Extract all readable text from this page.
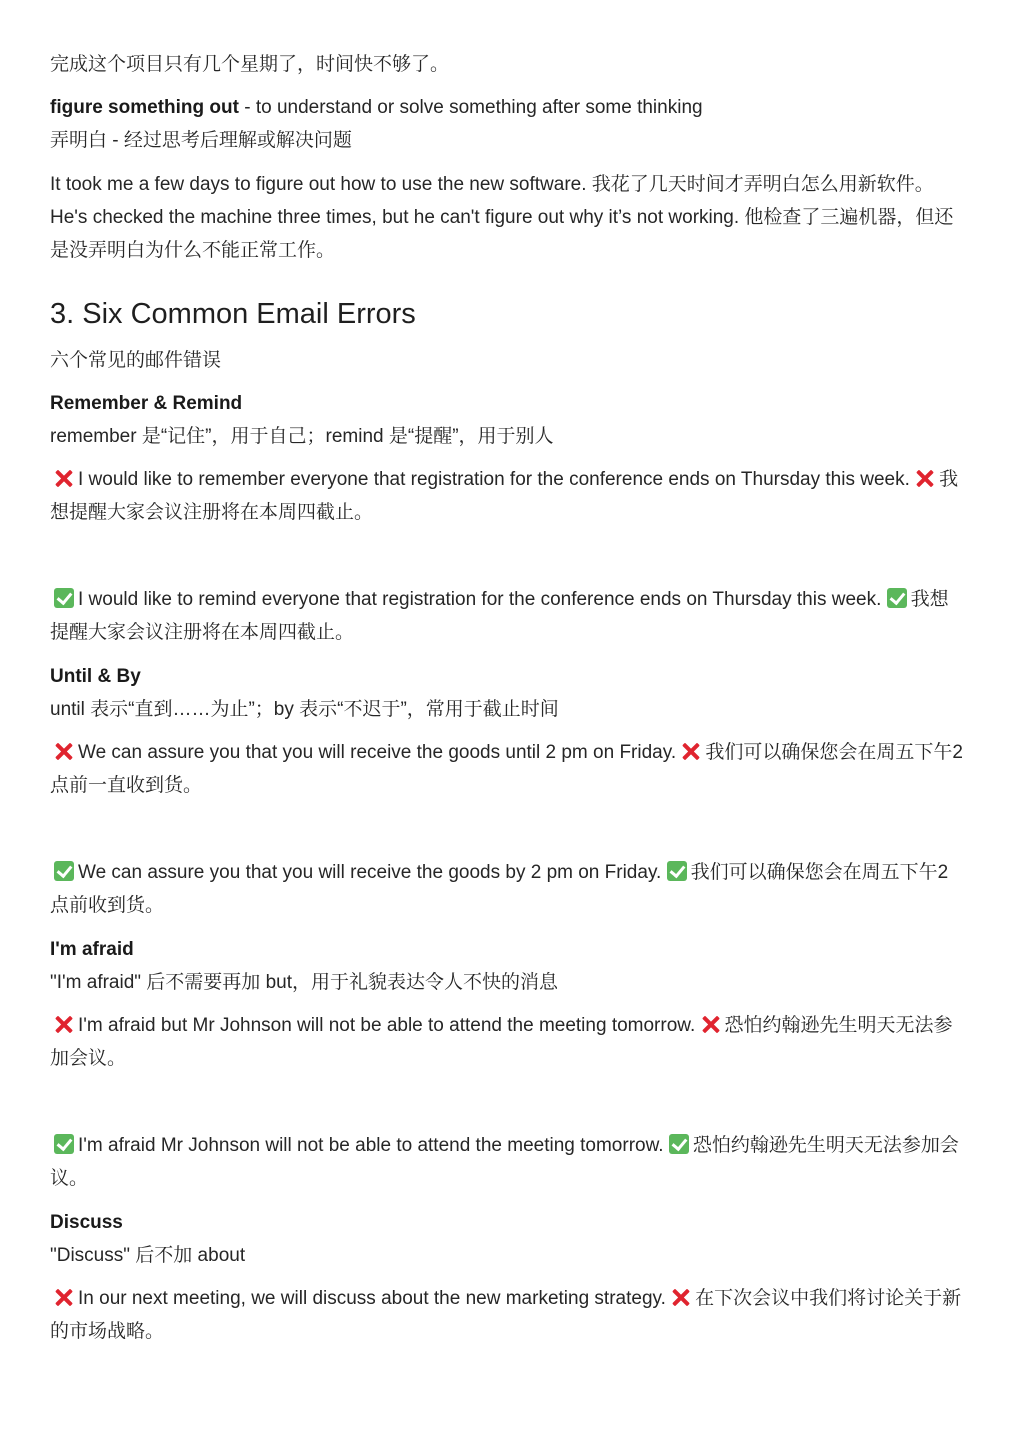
完成这个项目只有几个星期了，时间快不够了。
figure something out - to understand or solve something after some thinking
弄明白 - 经过思考后理解或解决问题
It took me a few days to figure out how to use the new software. 我花了几天时间才弄明白怎么用新软件。 He's checked the machine three times, but he can't figure out why it’s not working. 他检查了三遍机器，但还是没弄明白为什么不能正常工作。
3. Six Common Email Errors
六个常见的邮件错误
Remember & Remind
remember 是“记住”，用于自己；remind 是“提醒”，用于别人
I would like to remember everyone that registration for the conference ends on Thursday this week. 我想提醒大家会议注册将在本周四截止。
I would like to remind everyone that registration for the conference ends on Thursday this week. 我想提醒大家会议注册将在本周四截止。
Until & By
until 表示“直到……为止”；by 表示“不迟于”，常用于截止时间
We can assure you that you will receive the goods until 2 pm on Friday. 我们可以确保您会在周五下午2点前一直收到货。
We can assure you that you will receive the goods by 2 pm on Friday. 我们可以确保您会在周五下午2点前收到货。
I'm afraid
"I'm afraid" 后不需要再加 but，用于礼貌表达令人不快的消息
I'm afraid but Mr Johnson will not be able to attend the meeting tomorrow. 恐怕约翰逊先生明天无法参加会议。
I'm afraid Mr Johnson will not be able to attend the meeting tomorrow. 恐怕约翰逊先生明天无法参加会议。
Discuss
"Discuss" 后不加 about
In our next meeting, we will discuss about the new marketing strategy. 在下次会议中我们将讨论关于新的市场战略。
